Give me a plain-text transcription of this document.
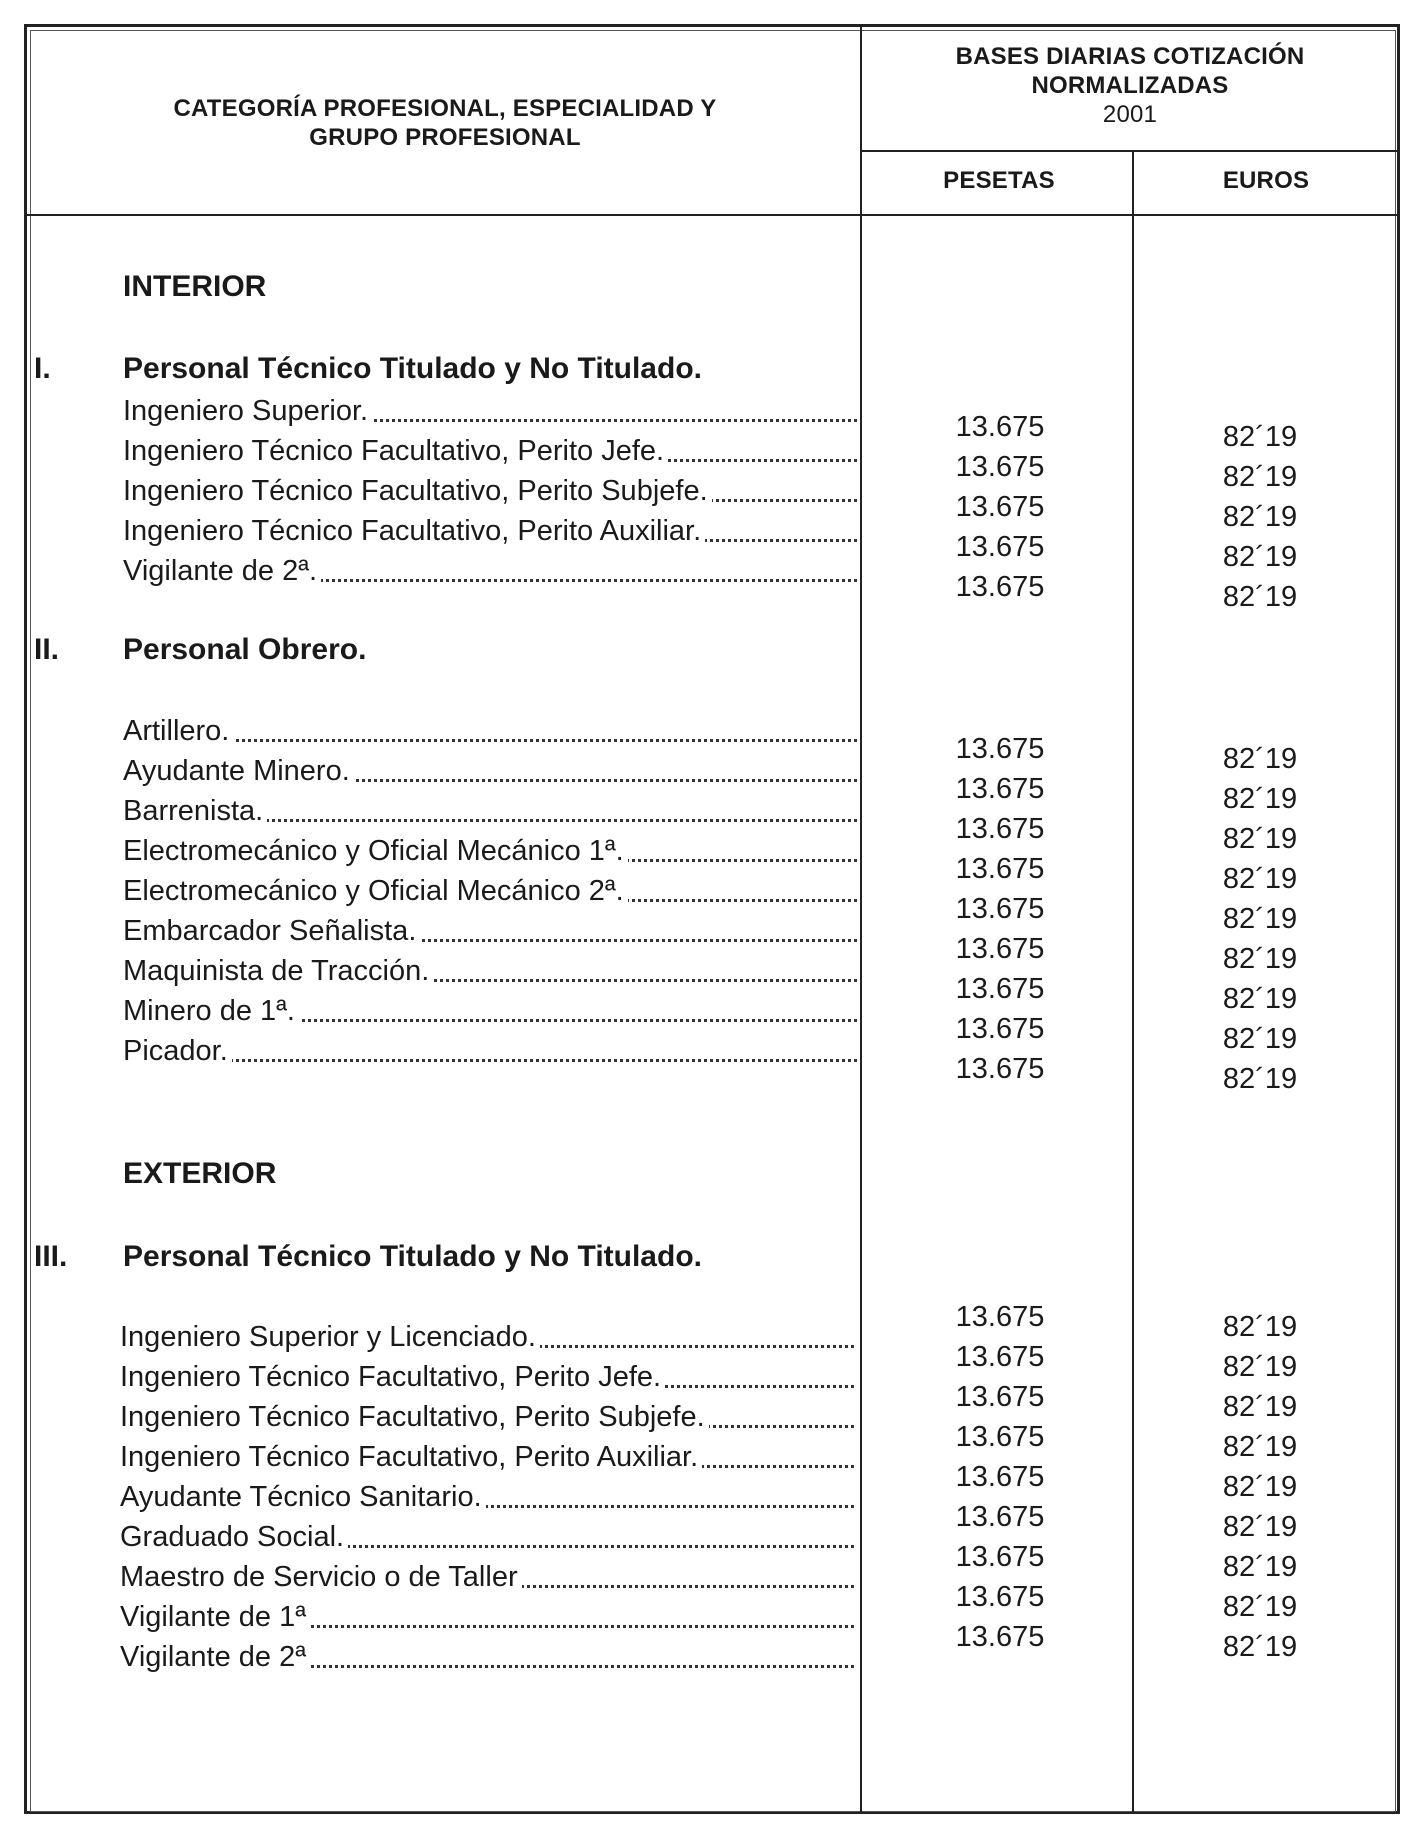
CATEGORÍA PROFESIONAL, ESPECIALIDAD Y
GRUPO PROFESIONAL
BASES DIARIAS COTIZACIÓN
NORMALIZADAS
2001
PESETAS	EUROS
INTERIOR
I. Personal Técnico Titulado y No Titulado.
Ingeniero Superior.
Ingeniero Técnico Facultativo, Perito Jefe.
Ingeniero Técnico Facultativo, Perito Subjefe.
Ingeniero Técnico Facultativo, Perito Auxiliar.
Vigilante de 2ª.
13.675
13.675
13.675
13.675
13.675
82´19
82´19
82´19
82´19
82´19
II. Personal Obrero.
Artillero.
Ayudante Minero.
Barrenista.
Electromecánico y Oficial Mecánico 1ª.
Electromecánico y Oficial Mecánico 2ª.
Embarcador Señalista.
Maquinista de Tracción.
Minero de 1ª.
Picador.
13.675
13.675
13.675
13.675
13.675
13.675
13.675
13.675
13.675
82´19
82´19
82´19
82´19
82´19
82´19
82´19
82´19
82´19
EXTERIOR
III. Personal Técnico Titulado y No Titulado.
Ingeniero Superior y Licenciado.
Ingeniero Técnico Facultativo, Perito Jefe.
Ingeniero Técnico Facultativo, Perito Subjefe.
Ingeniero Técnico Facultativo, Perito Auxiliar.
Ayudante Técnico Sanitario.
Graduado Social.
Maestro de Servicio o de Taller
Vigilante de 1ª
Vigilante de 2ª
13.675
13.675
13.675
13.675
13.675
13.675
13.675
13.675
13.675
82´19
82´19
82´19
82´19
82´19
82´19
82´19
82´19
82´19
